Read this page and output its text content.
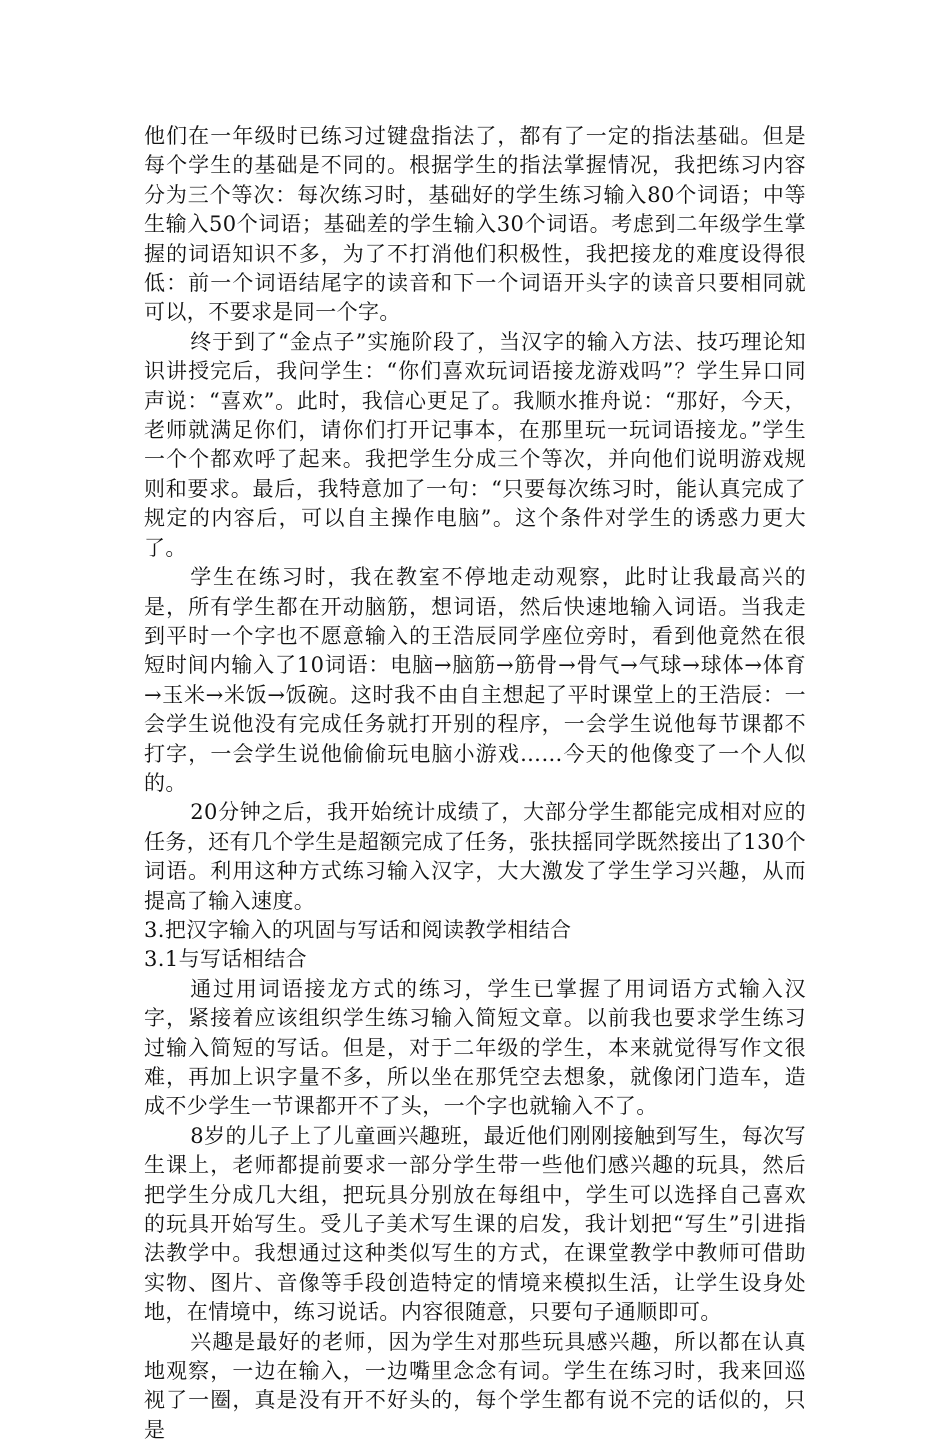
他们在一年级时已练习过键盘指法了，都有了一定的指法基础。但是每个学生的基础是不同的。根据学生的指法掌握情况，我把练习内容分为三个等次：每次练习时，基础好的学生练习输入80个词语；中等生输入50个词语；基础差的学生输入30个词语。考虑到二年级学生掌握的词语知识不多，为了不打消他们积极性，我把接龙的难度设得很低：前一个词语结尾字的读音和下一个词语开头字的读音只要相同就可以，不要求是同一个字。

终于到了“金点子”实施阶段了，当汉字的输入方法、技巧理论知识讲授完后，我问学生：“你们喜欢玩词语接龙游戏吗”？学生异口同声说：“喜欢”。此时，我信心更足了。我顺水推舟说：“那好，今天，老师就满足你们，请你们打开记事本，在那里玩一玩词语接龙。”学生一个个都欢呼了起来。我把学生分成三个等次，并向他们说明游戏规则和要求。最后，我特意加了一句：“只要每次练习时，能认真完成了规定的内容后，可以自主操作电脑”。这个条件对学生的诱惑力更大了。

学生在练习时，我在教室不停地走动观察，此时让我最高兴的是，所有学生都在开动脑筋，想词语，然后快速地输入词语。当我走到平时一个字也不愿意输入的王浩辰同学座位旁时，看到他竟然在很短时间内输入了10词语：电脑→脑筋→筋骨→骨气→气球→球体→体育→玉米→米饭→饭碗。这时我不由自主想起了平时课堂上的王浩辰：一会学生说他没有完成任务就打开别的程序，一会学生说他每节课都不打字，一会学生说他偷偷玩电脑小游戏……今天的他像变了一个人似的。

20分钟之后，我开始统计成绩了，大部分学生都能完成相对应的任务，还有几个学生是超额完成了任务，张扶摇同学既然接出了130个词语。利用这种方式练习输入汉字，大大激发了学生学习兴趣，从而提高了输入速度。

3.把汉字输入的巩固与写话和阅读教学相结合

3.1与写话相结合

通过用词语接龙方式的练习，学生已掌握了用词语方式输入汉字，紧接着应该组织学生练习输入简短文章。以前我也要求学生练习过输入简短的写话。但是，对于二年级的学生，本来就觉得写作文很难，再加上识字量不多，所以坐在那凭空去想象，就像闭门造车，造成不少学生一节课都开不了头，一个字也就输入不了。

8岁的儿子上了儿童画兴趣班，最近他们刚刚接触到写生，每次写生课上，老师都提前要求一部分学生带一些他们感兴趣的玩具，然后把学生分成几大组，把玩具分别放在每组中，学生可以选择自己喜欢的玩具开始写生。受儿子美术写生课的启发，我计划把“写生”引进指法教学中。我想通过这种类似写生的方式，在课堂教学中教师可借助实物、图片、音像等手段创造特定的情境来模拟生活，让学生设身处地，在情境中，练习说话。内容很随意，只要句子通顺即可。

兴趣是最好的老师，因为学生对那些玩具感兴趣，所以都在认真地观察，一边在输入，一边嘴里念念有词。学生在练习时，我来回巡视了一圈，真是没有开不好头的，每个学生都有说不完的话似的，只是
